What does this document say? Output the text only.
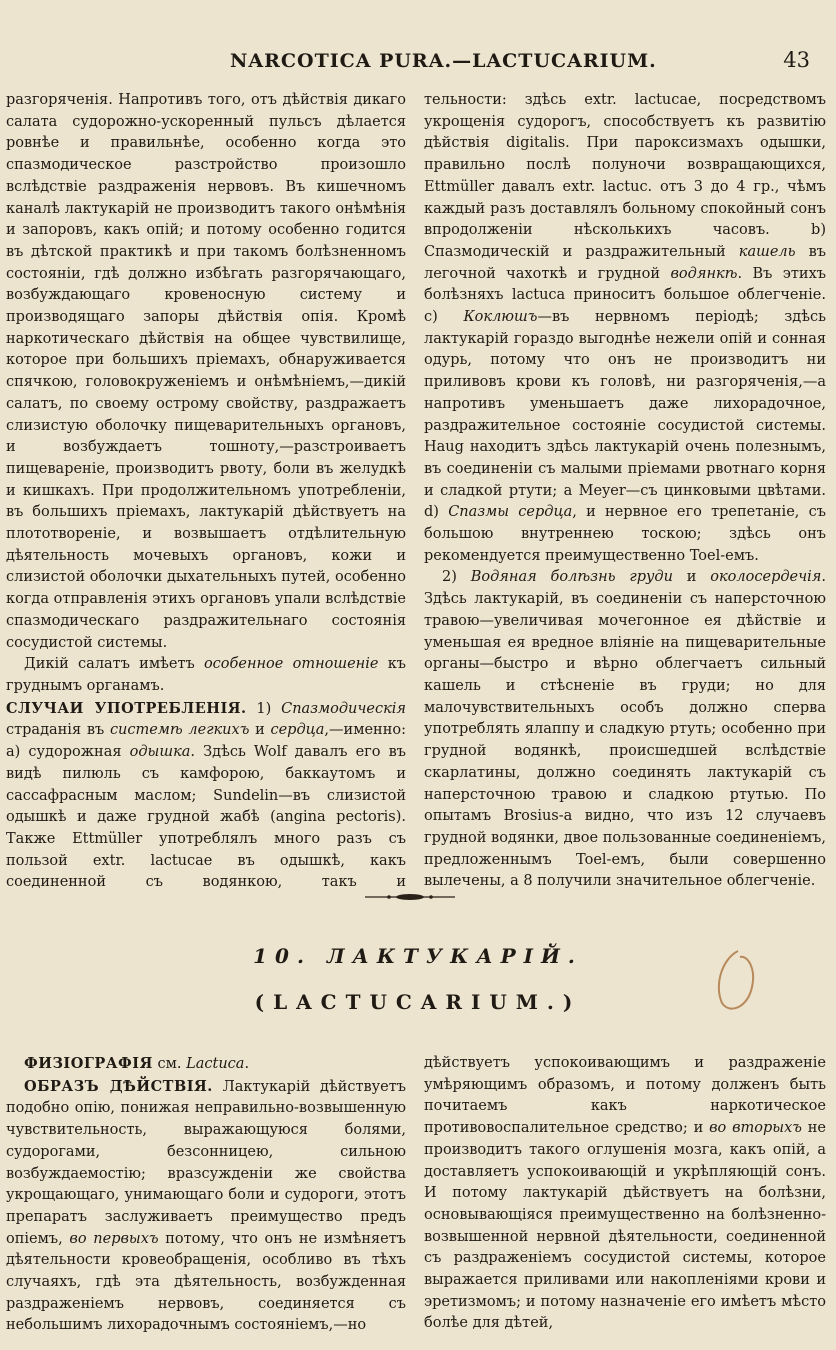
NARCOTICA PURA.—LACTUCARIUM.	43

разгоряченія. Напротивъ того, отъ дѣйствія дикаго салата судорожно-ускоренный пульсъ дѣлается ровнѣе и правильнѣе, особенно когда это спазмодическое разстройство произошло вслѣдствіе раздраженія нервовъ. Въ кишечномъ каналѣ лактукарій не производитъ такого онѣмѣнія и запоровъ, какъ опій; и потому особенно годится въ дѣтской практикѣ и при такомъ болѣзненномъ состояніи, гдѣ должно избѣгать разгорячающаго, возбуждающаго кровеносную систему и производящаго запоры дѣйствія опія. Кромѣ наркотическаго дѣйствія на общее чувствилище, которое при большихъ пріемахъ, обнаруживается спячкою, головокруженіемъ и онѣмѣніемъ,—дикій салатъ, по своему острому свойству, раздражаетъ слизистую оболочку пищеварительныхъ органовъ, и возбуждаетъ тошноту,—разстроиваетъ пищевареніе, производитъ рвоту, боли въ желудкѣ и кишкахъ. При продолжительномъ употребленіи, въ большихъ пріемахъ, лактукарій дѣйствуетъ на плототвореніе, и возвышаетъ отдѣлительную дѣятельность мочевыхъ органовъ, кожи и слизистой оболочки дыхательныхъ путей, особенно когда отправленія этихъ органовъ упали вслѣдствіе спазмодическаго раздражительнаго состоянія сосудистой системы.

Дикій салатъ имѣетъ особенное отношеніе къ груднымъ органамъ.

СЛУЧАИ УПОТРЕБЛЕНІЯ. 1) Спазмодическія страданія въ системѣ легкихъ и сердца,—именно: а) судорожная одышка. Здѣсь Wolf давалъ его въ видѣ пилюль съ камфорою, баккаутомъ и сассафрасным маслом; Sundelin—въ слизистой одышкѣ и даже грудной жабѣ (angina pectoris). Также Ettmüller употреблялъ много разъ съ пользой extr. lactucae въ одышкѣ, какъ соединенной съ водянкою, такъ и

тельности: здѣсь extr. lactucae, посредствомъ укрощенія судорогъ, способствуетъ къ развитію дѣйствія digitalis. При пароксизмахъ одышки, правильно послѣ полуночи возвращающихся, Ettmüller давалъ extr. lactuc. отъ 3 до 4 гр., чѣмъ каждый разъ доставлялъ больному спокойный сонъ впродолженіи нѣсколькихъ часовъ. b) Спазмодическій и раздражительный кашель въ легочной чахоткѣ и грудной водянкѣ. Въ этихъ болѣзняхъ lactuca приноситъ большое облегченіе. c) Коклюшъ—въ нервномъ періодѣ; здѣсь лактукарій гораздо выгоднѣе нежели опій и сонная одурь, потому что онъ не производитъ ни приливовъ крови къ головѣ, ни разгоряченія,—а напротивъ уменьшаетъ даже лихорадочное, раздражительное состояніе сосудистой системы. Haug находитъ здѣсь лактукарій очень полезнымъ, въ соединеніи съ малыми пріемами рвотнаго корня и сладкой ртути; а Meyer—съ цинковыми цвѣтами. d) Спазмы сердца, и нервное его трепетаніе, съ большою внутреннею тоскою; здѣсь онъ рекомендуется преимущественно Toel-емъ.

2) Водяная болѣзнь груди и околосердечія. Здѣсь лактукарій, въ соединеніи съ наперсточною травою—увеличивая мочегонное ея дѣйствіе и уменьшая ея вредное вліяніе на пищеварительные органы—быстро и вѣрно облегчаетъ сильный кашель и стѣсненіе въ груди; но для малочувствительныхъ особъ должно сперва употреблять ялаппу и сладкую ртуть; особенно при грудной водянкѣ, происшедшей вслѣдствіе скарлатины, должно соединять лактукарій съ наперсточною травою и сладкою ртутью. По опытамъ Brosius-а видно, что изъ 12 случаевъ грудной водянки, двое пользованные соединеніемъ, предложеннымъ Toel-емъ, были совершенно вылечены, а 8 получили значительное облегченіе.

10. ЛАКТУКАРІЙ.
(LACTUCARIUM.)

ФИЗІОГРАФІЯ см. Lactuca.

ОБРАЗЪ ДѢЙСТВІЯ. Лактукарій дѣйствуетъ подобно опію, понижая неправильно-возвышенную чувствительность, выражающуюся болями, судорогами, безсонницею, сильною возбуждаемостію; вразсужденіи же свойства укрощающаго, унимающаго боли и судороги, этотъ препаратъ заслуживаетъ преимущество предъ опіемъ, во первыхъ потому, что онъ не измѣняетъ дѣятельности кровеобращенія, особливо въ тѣхъ случаяхъ, гдѣ эта дѣятельность, возбужденная раздраженіемъ нервовъ, соединяется съ небольшимъ лихорадочнымъ состояніемъ,—но

дѣйствуетъ успокоивающимъ и раздраженіе умѣряющимъ образомъ, и потому долженъ быть почитаемъ какъ наркотическое противовоспалительное средство; и во вторыхъ не производитъ такого оглушенія мозга, какъ опій, а доставляетъ успокоивающій и укрѣпляющій сонъ. И потому лактукарій дѣйствуетъ на болѣзни, основывающіяся преимущественно на болѣзненно-возвышенной нервной дѣятельности, соединенной съ раздраженіемъ сосудистой системы, которое выражается приливами или накопленіями крови и эретизмомъ; и потому назначеніе его имѣетъ мѣсто болѣе для дѣтей,
